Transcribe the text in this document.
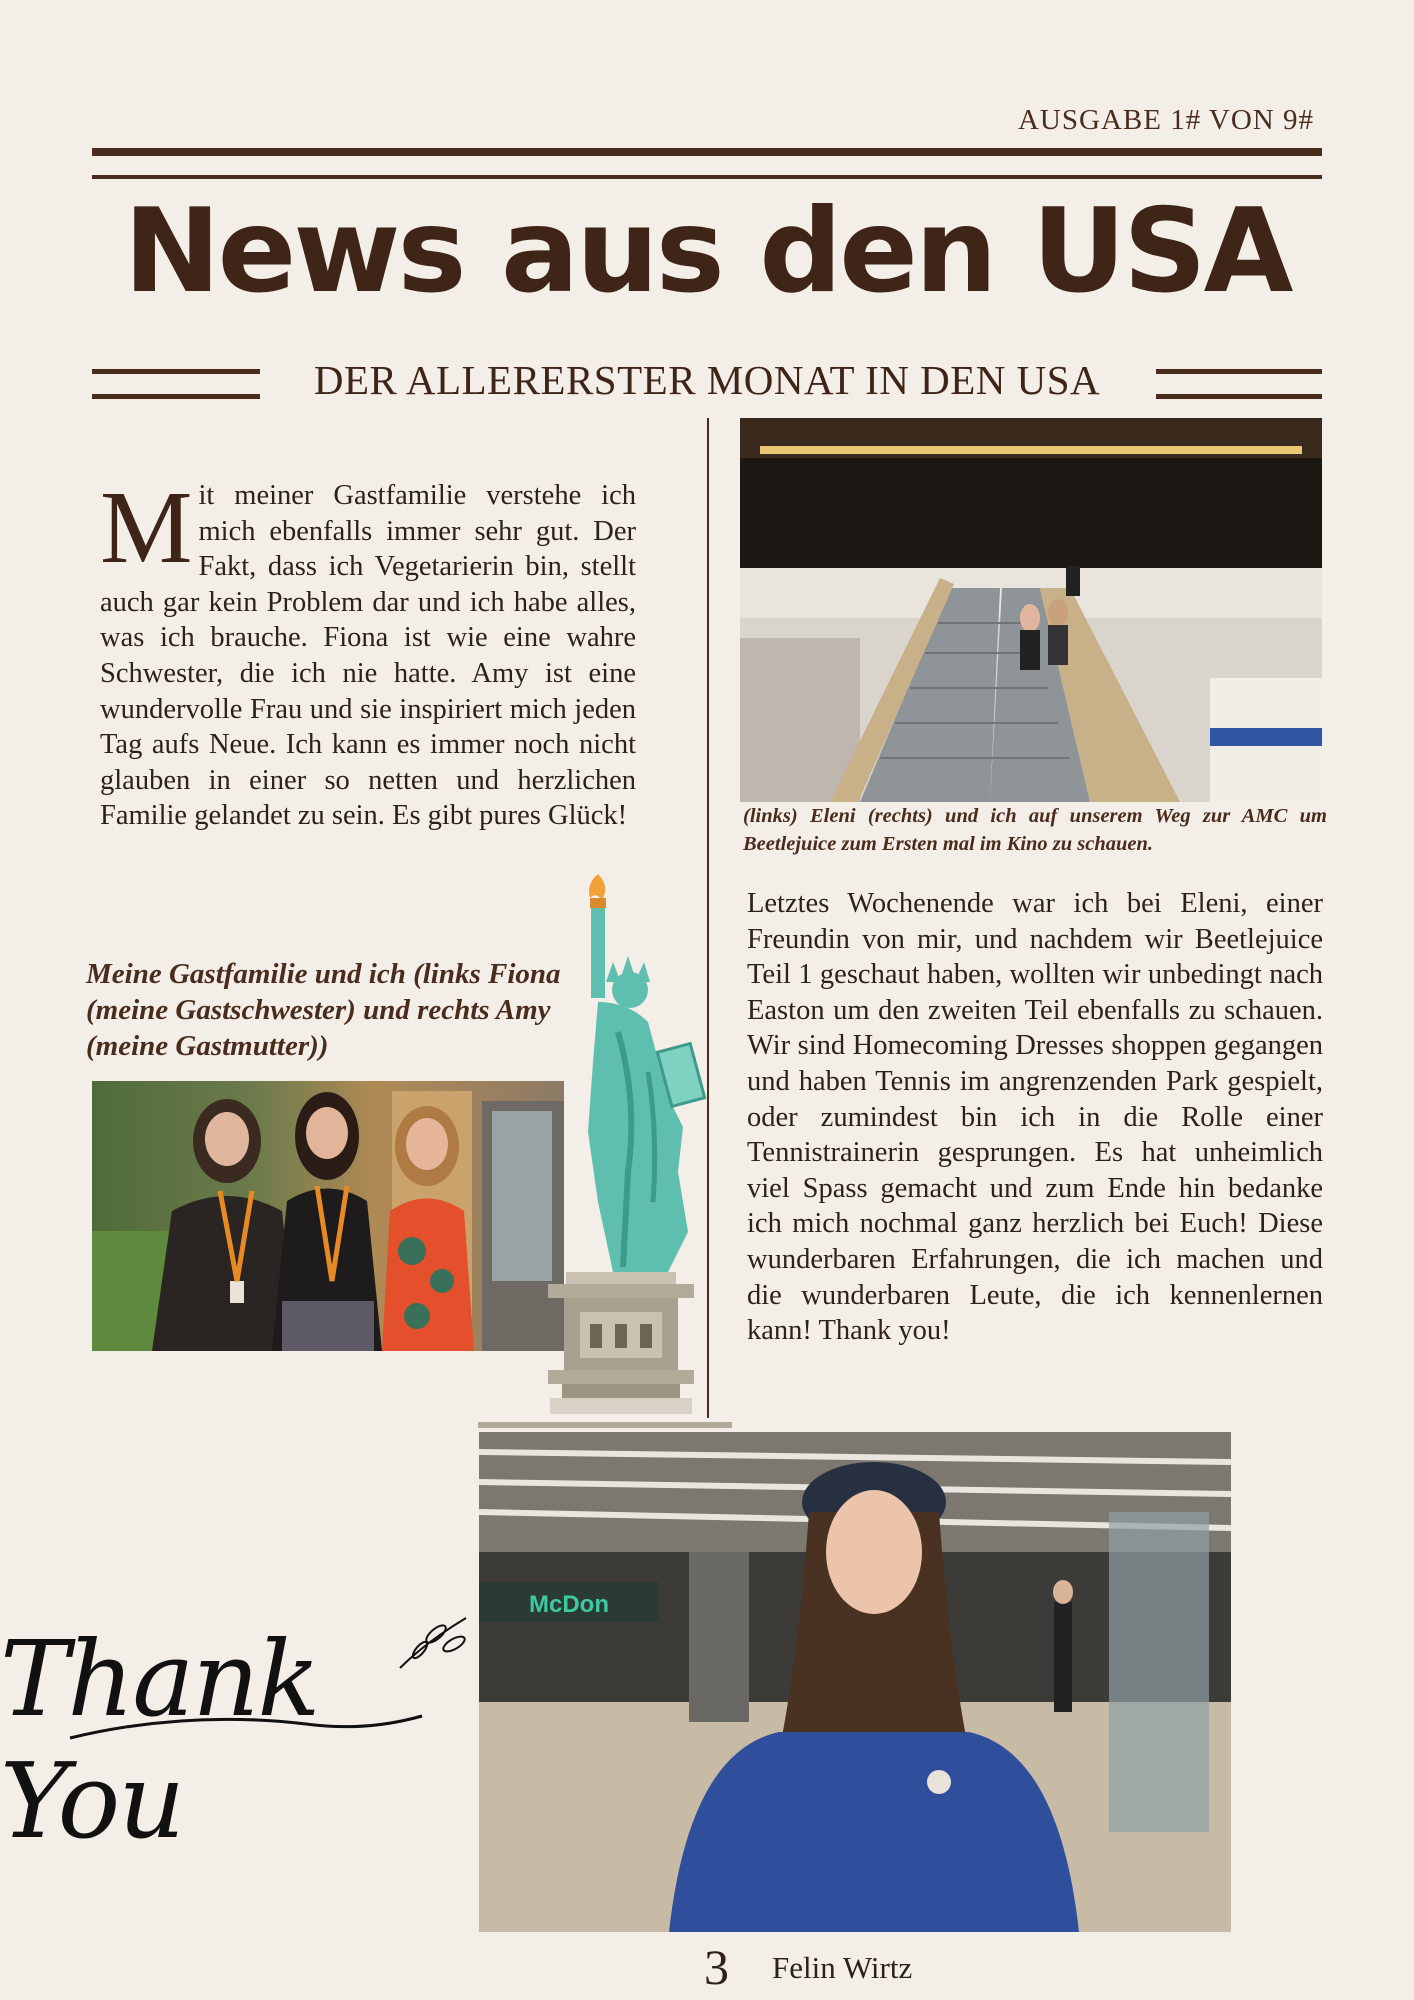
AUSGABE 1# VON 9#
News aus den USA
DER ALLERERSTER MONAT IN DEN USA
Mit meiner Gastfamilie verstehe ich mich ebenfalls immer sehr gut. Der Fakt, dass ich Vegetarierin bin, stellt auch gar kein Problem dar und ich habe alles, was ich brauche. Fiona ist wie eine wahre Schwester, die ich nie hatte. Amy ist eine wundervolle Frau und sie inspiriert mich jeden Tag aufs Neue. Ich kann es immer noch nicht glauben in einer so netten und herzlichen Familie gelandet zu sein. Es gibt pures Glück!
Meine Gastfamilie und ich (links Fiona (meine Gastschwester) und rechts Amy (meine Gastmutter))
(links) Eleni (rechts) und ich auf unserem Weg zur AMC um Beetlejuice zum Ersten mal im Kino zu schauen.
Letztes Wochenende war ich bei Eleni, einer Freundin von mir, und nachdem wir Beetlejuice Teil 1 geschaut haben, wollten wir unbedingt nach Easton um den zweiten Teil ebenfalls zu schauen. Wir sind Homecoming Dresses shoppen gegangen und haben Tennis im angrenzenden Park gespielt, oder zumindest bin ich in die Rolle einer Tennistrainerin gesprungen. Es hat unheimlich viel Spass gemacht und zum Ende hin bedanke ich mich nochmal ganz herzlich bei Euch! Diese wunderbaren Erfahrungen, die ich machen und die wunderbaren Leute, die ich kennenlernen kann! Thank you!
Thank You
McDon
3 Felin Wirtz
